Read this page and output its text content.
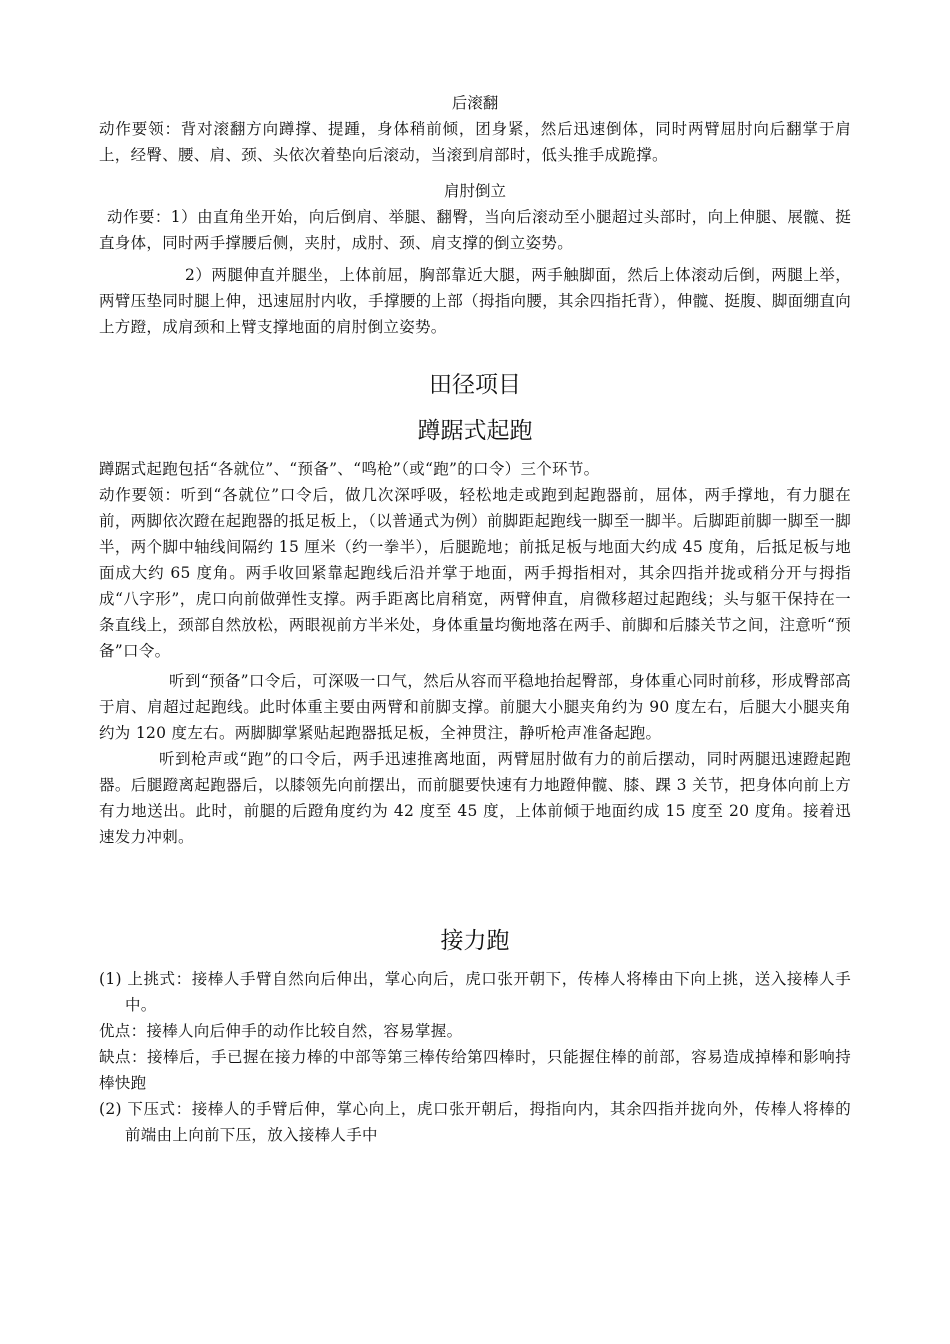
后滚翻

动作要领：背对滚翻方向蹲撑、提踵，身体稍前倾，团身紧，然后迅速倒体，同时两臂屈肘向后翻掌于肩上，经臀、腰、肩、颈、头依次着垫向后滚动，当滚到肩部时，低头推手成跪撑。

肩肘倒立

动作要：1）由直角坐开始，向后倒肩、举腿、翻臀，当向后滚动至小腿超过头部时，向上伸腿、展髋、挺直身体，同时两手撑腰后侧，夹肘，成肘、颈、肩支撑的倒立姿势。

2）两腿伸直并腿坐，上体前屈，胸部靠近大腿，两手触脚面，然后上体滚动后倒，两腿上举，两臂压垫同时腿上伸，迅速屈肘内收，手撑腰的上部（拇指向腰，其余四指托背），伸髋、挺腹、脚面绷直向上方蹬，成肩颈和上臂支撑地面的肩肘倒立姿势。

田径项目

蹲踞式起跑

蹲踞式起跑包括“各就位”、“预备”、“鸣枪”（或“跑”的口令）三个环节。

动作要领：听到“各就位”口令后，做几次深呼吸，轻松地走或跑到起跑器前，屈体，两手撑地，有力腿在前，两脚依次蹬在起跑器的抵足板上，（以普通式为例）前脚距起跑线一脚至一脚半。后脚距前脚一脚至一脚半，两个脚中轴线间隔约 15 厘米（约一拳半），后腿跪地；前抵足板与地面大约成 45 度角，后抵足板与地面成大约 65 度角。两手收回紧靠起跑线后沿并掌于地面，两手拇指相对，其余四指并拢或稍分开与拇指成“八字形”，虎口向前做弹性支撑。两手距离比肩稍宽，两臂伸直，肩微移超过起跑线；头与躯干保持在一条直线上，颈部自然放松，两眼视前方半米处，身体重量均衡地落在两手、前脚和后膝关节之间，注意听“预备”口令。

听到“预备”口令后，可深吸一口气，然后从容而平稳地抬起臀部，身体重心同时前移，形成臀部高于肩、肩超过起跑线。此时体重主要由两臂和前脚支撑。前腿大小腿夹角约为 90 度左右，后腿大小腿夹角约为 120 度左右。两脚脚掌紧贴起跑器抵足板，全神贯注，静听枪声准备起跑。

听到枪声或“跑”的口令后，两手迅速推离地面，两臂屈肘做有力的前后摆动，同时两腿迅速蹬起跑器。后腿蹬离起跑器后，以膝领先向前摆出，而前腿要快速有力地蹬伸髋、膝、踝 3 关节，把身体向前上方有力地送出。此时，前腿的后蹬角度约为 42 度至 45 度，上体前倾于地面约成 15 度至 20 度角。接着迅速发力冲刺。

接力跑

(1) 上挑式：接棒人手臂自然向后伸出，掌心向后，虎口张开朝下，传棒人将棒由下向上挑，送入接棒人手中。

优点：接棒人向后伸手的动作比较自然，容易掌握。

缺点：接棒后，手已握在接力棒的中部等第三棒传给第四棒时，只能握住棒的前部，容易造成掉棒和影响持棒快跑

(2) 下压式：接棒人的手臂后伸，掌心向上，虎口张开朝后，拇指向内，其余四指并拢向外，传棒人将棒的前端由上向前下压，放入接棒人手中
